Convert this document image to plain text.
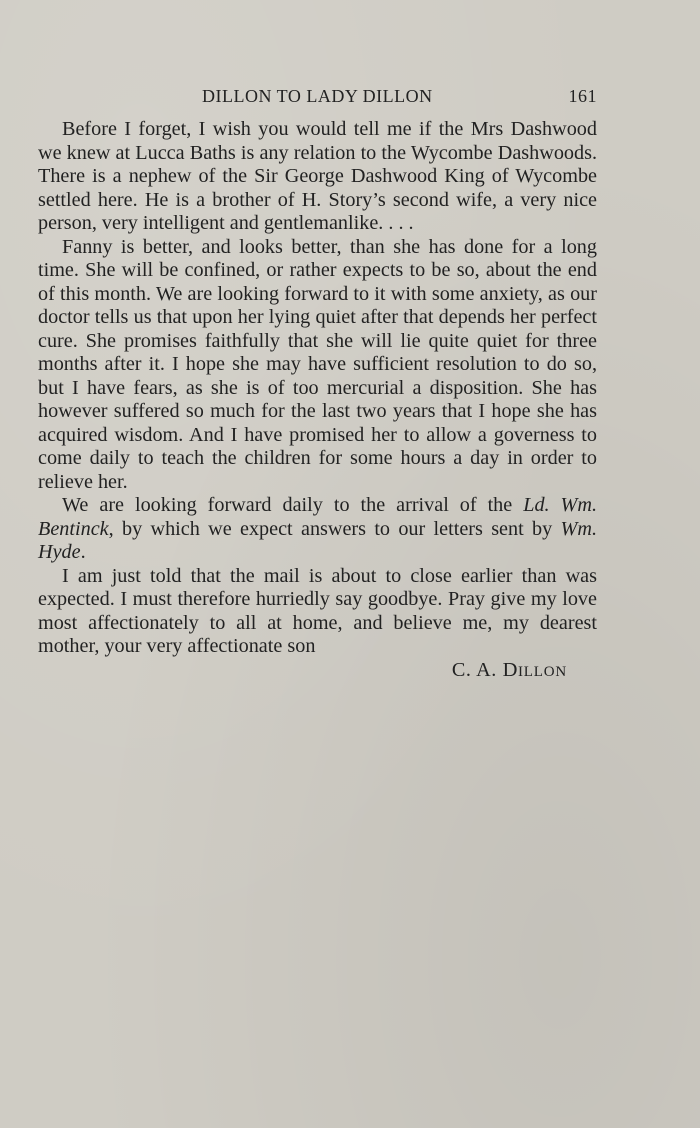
DILLON TO LADY DILLON	161

Before I forget, I wish you would tell me if the Mrs Dashwood we knew at Lucca Baths is any relation to the Wycombe Dashwoods. There is a nephew of the Sir George Dashwood King of Wycombe settled here. He is a brother of H. Story’s second wife, a very nice person, very intelligent and gentlemanlike. . . .

Fanny is better, and looks better, than she has done for a long time. She will be confined, or rather expects to be so, about the end of this month. We are looking forward to it with some anxiety, as our doctor tells us that upon her lying quiet after that depends her perfect cure. She promises faithfully that she will lie quite quiet for three months after it. I hope she may have sufficient resolution to do so, but I have fears, as she is of too mercurial a disposition. She has however suffered so much for the last two years that I hope she has acquired wisdom. And I have promised her to allow a governess to come daily to teach the children for some hours a day in order to relieve her.

We are looking forward daily to the arrival of the Ld. Wm. Bentinck, by which we expect answers to our letters sent by Wm. Hyde.

I am just told that the mail is about to close earlier than was expected. I must therefore hurriedly say goodbye. Pray give my love most affectionately to all at home, and believe me, my dearest mother, your very affectionate son

C. A. DILLON
